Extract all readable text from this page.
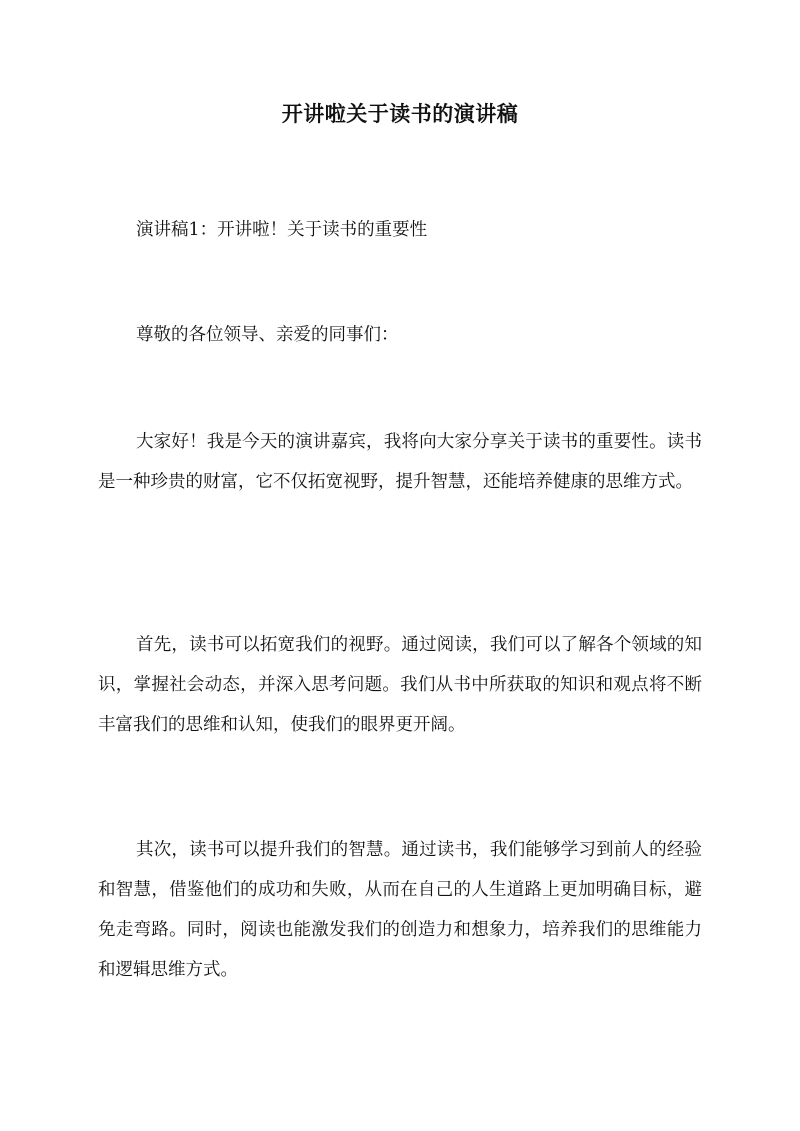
开讲啦关于读书的演讲稿

演讲稿1：开讲啦！关于读书的重要性

尊敬的各位领导、亲爱的同事们：

大家好！我是今天的演讲嘉宾，我将向大家分享关于读书的重要性。读书是一种珍贵的财富，它不仅拓宽视野，提升智慧，还能培养健康的思维方式。

首先，读书可以拓宽我们的视野。通过阅读，我们可以了解各个领域的知识，掌握社会动态，并深入思考问题。我们从书中所获取的知识和观点将不断丰富我们的思维和认知，使我们的眼界更开阔。

其次，读书可以提升我们的智慧。通过读书，我们能够学习到前人的经验和智慧，借鉴他们的成功和失败，从而在自己的人生道路上更加明确目标，避免走弯路。同时，阅读也能激发我们的创造力和想象力，培养我们的思维能力和逻辑思维方式。
